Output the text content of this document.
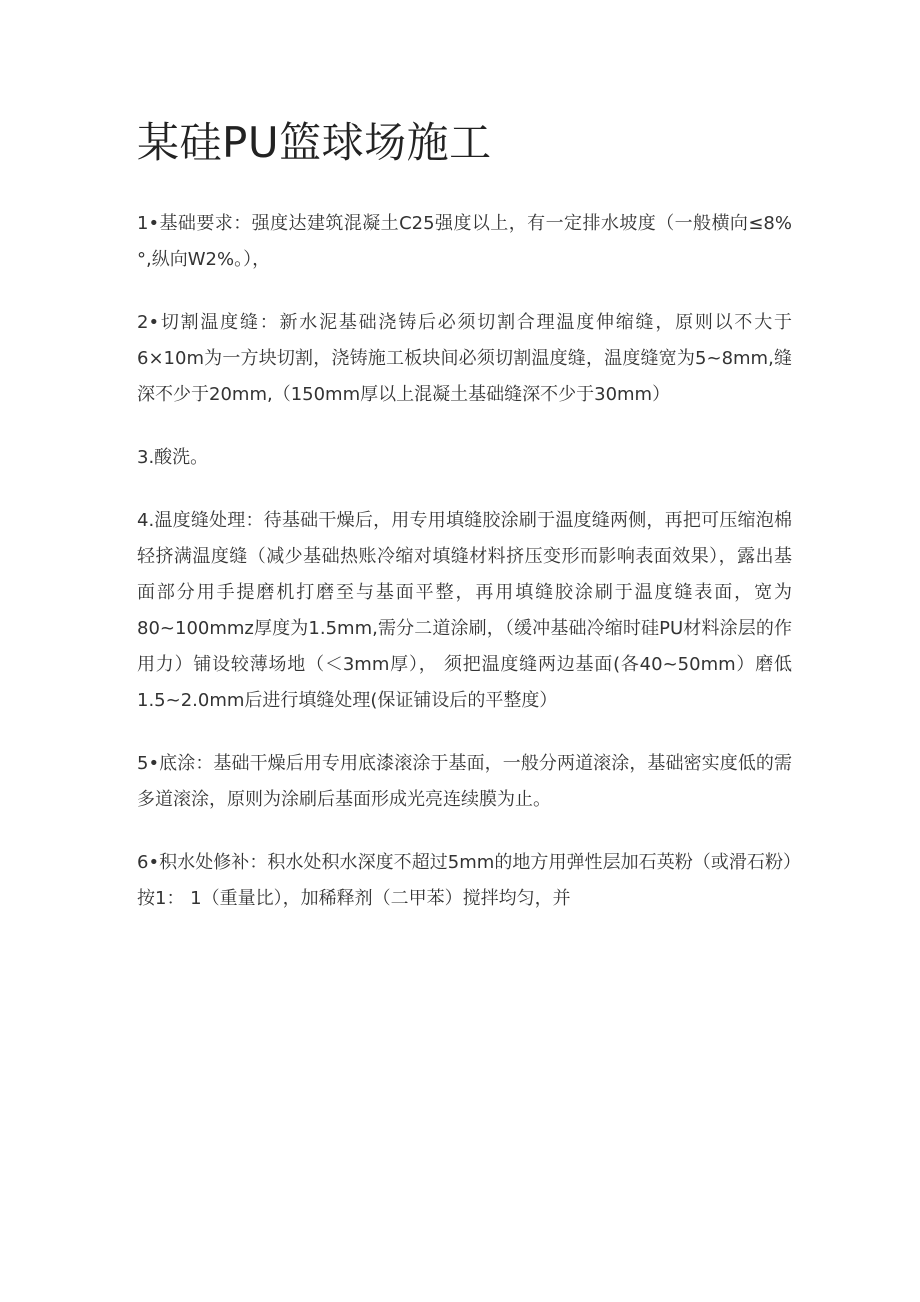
某硅PU篮球场施工

1•基础要求：强度达建筑混凝土C25强度以上，有一定排水坡度（一般横向≤8%°,纵向W2%。），

2•切割温度缝：新水泥基础浇铸后必须切割合理温度伸缩缝，原则以不大于6×10m为一方块切割，浇铸施工板块间必须切割温度缝，温度缝宽为5~8mm,缝深不少于20mm,（150mm厚以上混凝土基础缝深不少于30mm）

3.酸洗。

4.温度缝处理：待基础干燥后，用专用填缝胶涂刷于温度缝两侧，再把可压缩泡棉轻挤满温度缝（减少基础热账冷缩对填缝材料挤压变形而影响表面效果），露出基面部分用手提磨机打磨至与基面平整，再用填缝胶涂刷于温度缝表面，宽为80~100mmz厚度为1.5mm,需分二道涂刷，（缓冲基础冷缩时硅PU材料涂层的作用力）铺设较薄场地（＜3mm厚）， 须把温度缝两边基面(各40~50mm）磨低1.5~2.0mm后进行填缝处理(保证铺设后的平整度）

5•底涂：基础干燥后用专用底漆滚涂于基面，一般分两道滚涂，基础密实度低的需多道滚涂，原则为涂刷后基面形成光亮连续膜为止。

6•积水处修补：积水处积水深度不超过5mm的地方用弹性层加石英粉（或滑石粉）按1： 1（重量比），加稀释剂（二甲苯）搅拌均匀，并
